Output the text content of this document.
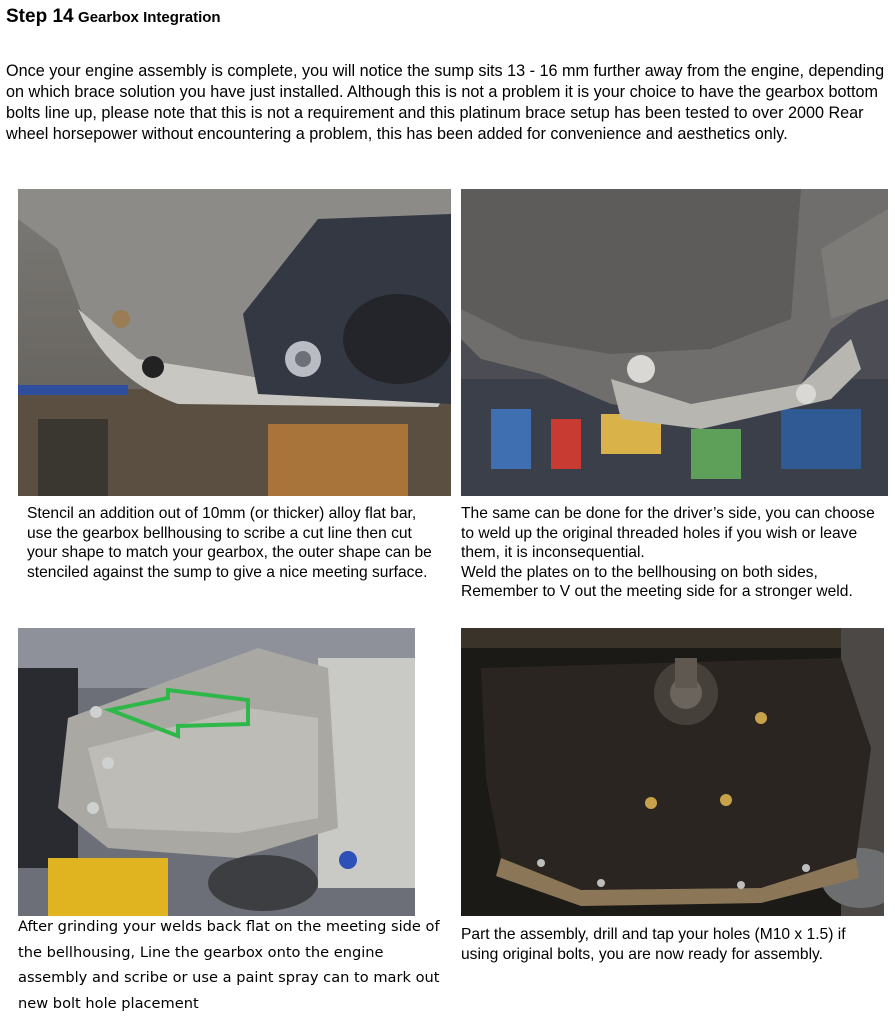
Step 14 Gearbox Integration
Once your engine assembly is complete, you will notice the sump sits 13 - 16 mm further away from the engine, depending on which brace solution you have just installed. Although this is not a problem it is your choice to have the gearbox bottom bolts line up, please note that this is not a requirement and this platinum brace setup has been tested to over 2000 Rear wheel horsepower without encountering a problem, this has been added for convenience and aesthetics only.

Stencil an addition out of 10mm (or thicker) alloy flat bar, use the gearbox bellhousing to scribe a cut line then cut your shape to match your gearbox, the outer shape can be stenciled against the sump to give a nice meeting surface.

The same can be done for the driver’s side, you can choose to weld up the original threaded holes if you wish or leave them, it is inconsequential.

Weld the plates on to the bellhousing on both sides, Remember to V out the meeting side for a stronger weld.

After grinding your welds back flat on the meeting side of the bellhousing, Line the gearbox onto the engine assembly and scribe or use a paint spray can to mark out new bolt hole placement

Part the assembly, drill and tap your holes (M10 x 1.5) if using original bolts, you are now ready for assembly.
